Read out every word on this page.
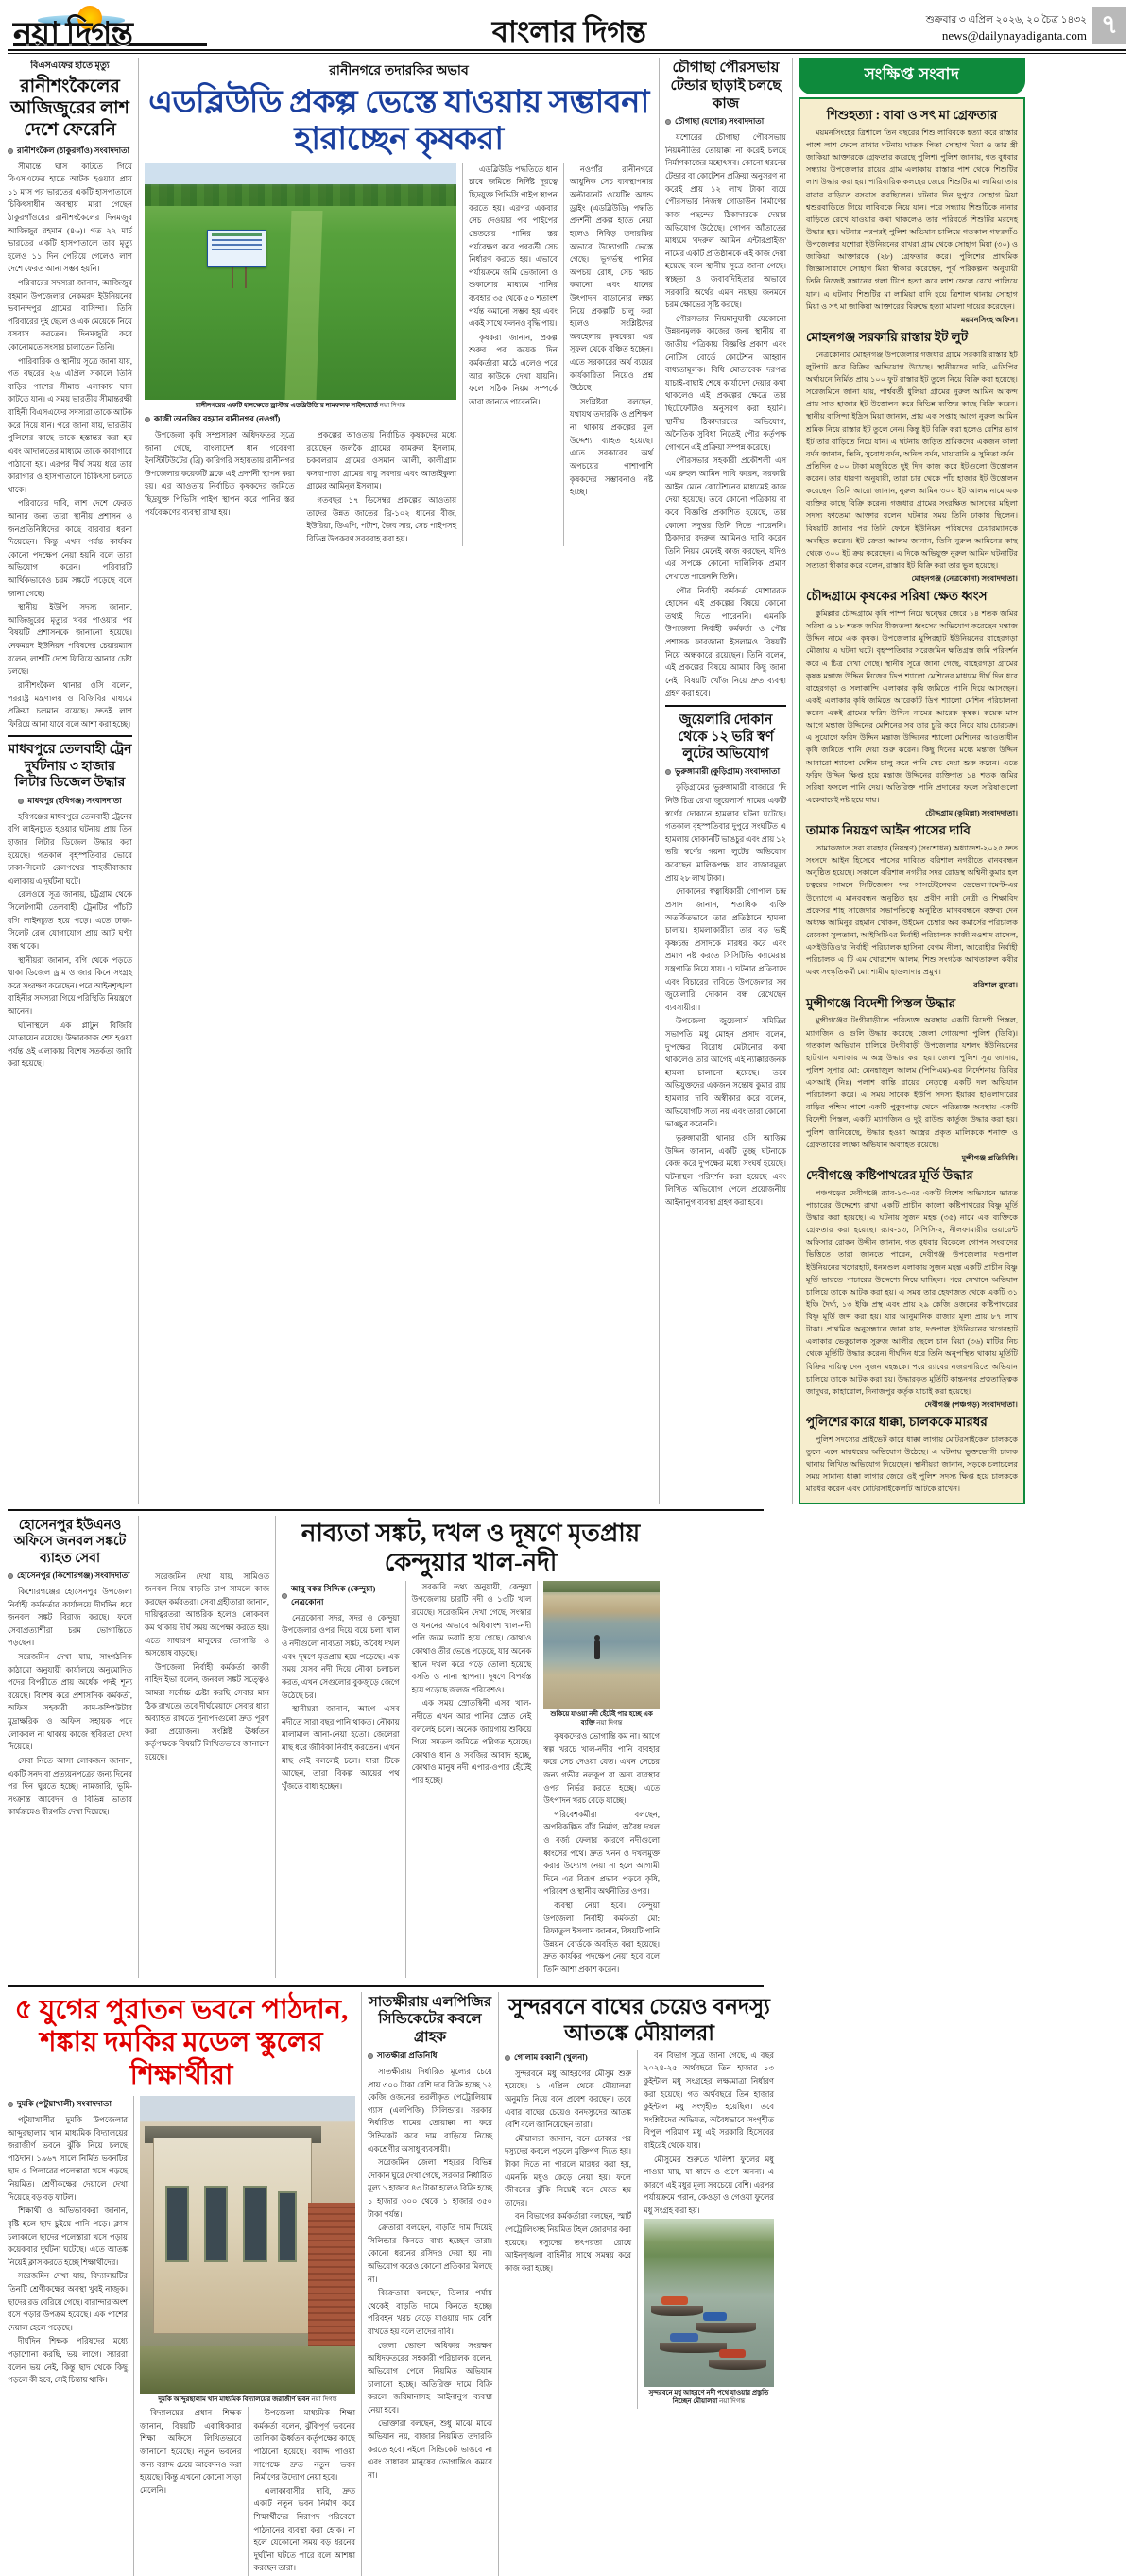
নয়া দিগন্ত	বাংলার দিগন্ত	শুক্রবার ৩ এপ্রিল ২০২৬, ২০ চৈত্র ১৪৩২
news@dailynayadiganta.com ৭
বিএসএফের হাতে মৃত্যু
রানীশংকৈলের আজিজুরের লাশ দেশে ফেরেনি
রানীশংকৈল (ঠাকুরগাঁও) সংবাদদাতা

সীমান্তে ঘাস কাটতে গিয়ে বিএসএফের হাতে আটক হওয়ার প্রায় ১১ মাস পর ভারতের একটি হাসপাতালে চিকিৎসাধীন অবস্থায় মারা গেছেন ঠাকুরগাঁওয়ের রানীশংকৈলের দিনমজুর আজিজুর রহমান (৪৬)। গত ২২ মার্চ ভারতের একটি হাসপাতালে তার মৃত্যু হলেও ১১ দিন পেরিয়ে গেলেও লাশ দেশে ফেরত আনা সম্ভব হয়নি।

পরিবারের সদস্যরা জানান, আজিজুর রহমান উপজেলার নেকমরদ ইউনিয়নের ভবানন্দপুর গ্রামের বাসিন্দা। তিনি পরিবারের দুই ছেলে ও এক মেয়েকে নিয়ে বসবাস করতেন। দিনমজুরি করে কোনোমতে সংসার চালাতেন তিনি।

পারিবারিক ও স্থানীয় সূত্রে জানা যায়, গত বছরের ২৬ এপ্রিল সকালে তিনি বাড়ির পাশের সীমান্ত এলাকায় ঘাস কাটতে যান। এ সময় ভারতীয় সীমান্তরক্ষী বাহিনী বিএসএফের সদস্যরা তাকে আটক করে নিয়ে যান। পরে জানা যায়, ভারতীয় পুলিশের কাছে তাকে হস্তান্তর করা হয় এবং আদালতের মাধ্যমে তাকে কারাগারে পাঠানো হয়। এরপর দীর্ঘ সময় ধরে তার কারাগার ও হাসপাতালে চিকিৎসা চলতে থাকে।

পরিবারের দাবি, লাশ দেশে ফেরত আনার জন্য তারা স্থানীয় প্রশাসন ও জনপ্রতিনিধিদের কাছে বারবার ধরনা দিয়েছেন। কিন্তু এখন পর্যন্ত কার্যকর কোনো পদক্ষেপ নেয়া হয়নি বলে তারা অভিযোগ করেন। পরিবারটি আর্থিকভাবেও চরম সঙ্কটে পড়েছে বলে জানা গেছে।

স্থানীয় ইউপি সদস্য জানান, আজিজুরের মৃত্যুর খবর পাওয়ার পর বিষয়টি প্রশাসনকে জানানো হয়েছে। নেকমরদ ইউনিয়ন পরিষদের চেয়ারম্যান বলেন, লাশটি দেশে ফিরিয়ে আনার চেষ্টা চলছে।

রানীশংকৈল থানার ওসি বলেন, পররাষ্ট্র মন্ত্রণালয় ও বিজিবির মাধ্যমে প্রক্রিয়া চলমান রয়েছে। দ্রুতই লাশ ফিরিয়ে আনা যাবে বলে আশা করা হচ্ছে।

মাধবপুরে তেলবাহী ট্রেন দুর্ঘটনায় ৩ হাজার লিটার ডিজেল উদ্ধার
মাধবপুর (হবিগঞ্জ) সংবাদদাতা

হবিগঞ্জের মাধবপুরে তেলবাহী ট্রেনের বগি লাইনচ্যুত হওয়ার ঘটনায় প্রায় তিন হাজার লিটার ডিজেল উদ্ধার করা হয়েছে। গতকাল বৃহস্পতিবার ভোরে ঢাকা-সিলেট রেলপথের শাহজীবাজার এলাকায় এ দুর্ঘটনা ঘটে।

রেলওয়ে সূত্র জানায়, চট্টগ্রাম থেকে সিলেটগামী তেলবাহী ট্রেনটির পাঁচটি বগি লাইনচ্যুত হয়ে পড়ে। এতে ঢাকা-সিলেট রেল যোগাযোগ প্রায় আট ঘণ্টা বন্ধ থাকে।

স্থানীয়রা জানান, বগি থেকে পড়তে থাকা ডিজেল ড্রাম ও জার কিনে সংগ্রহ করে সংরক্ষণ করেছেন। পরে আইনশৃঙ্খলা বাহিনীর সদস্যরা গিয়ে পরিস্থিতি নিয়ন্ত্রণে আনেন।

ঘটনাস্থলে এক প্লাটুন বিজিবি মোতায়েন রয়েছে। উদ্ধারকাজ শেষ হওয়া পর্যন্ত ওই এলাকায় বিশেষ সতর্কতা জারি করা হয়েছে।

রানীনগরে তদারকির অভাব
এডব্লিউডি প্রকল্প ভেস্তে যাওয়ায় সম্ভাবনা হারাচ্ছেন কৃষকরা
রানীনগরের একটি ধানক্ষেতে ড্রাস্টার এডব্লিউডি'র নামফলক সাইনবোর্ড নয়া দিগন্ত
কাজী তানজির রহমান রানীনগর (নওগাঁ)

উপজেলা কৃষি সম্প্রসারণ অধিদফতর সূত্রে জানা গেছে, বাংলাদেশ ধান গবেষণা ইনস্টিটিউটের (ব্রি) কারিগরি সহায়তায় রানীনগর উপজেলার কয়েকটি ব্লকে এই প্রদর্শনী স্থাপন করা হয়। এর আওতায় নির্বাচিত কৃষকদের জমিতে ছিদ্রযুক্ত পিভিসি পাইপ স্থাপন করে পানির স্তর পর্যবেক্ষণের ব্যবস্থা রাখা হয়।

প্রকল্পের আওতায় নির্বাচিত কৃষকদের মধ্যে রয়েছেন জলকৈ গ্রামের কামরুল ইসলাম, চকবলরাম গ্রামের ওসমান আলী, কালীগ্রাম কসবাপাড়া গ্রামের বাবু সরদার এবং আতাইকুলা গ্রামের আমিনুল ইসলাম।

গতবছর ১৭ ডিসেম্বর প্রকল্পের আওতায় তাদের উন্নত জাতের ব্রি-১০২ ধানের বীজ, ইউরিয়া, ডিএপি, পটাশ, জৈব সার, সেচ পাইপসহ বিভিন্ন উপকরণ সরবরাহ করা হয়।

এডব্লিউডি পদ্ধতিতে ধান চাষে জমিতে নির্দিষ্ট দূরত্বে ছিদ্রযুক্ত পিভিসি পাইপ স্থাপন করতে হয়। এরপর একবার সেচ দেওয়ার পর পাইপের ভেতরের পানির স্তর পর্যবেক্ষণ করে পরবর্তী সেচ নির্ধারণ করতে হয়। এভাবে পর্যায়ক্রমে জমি ভেজানো ও শুকানোর মাধ্যমে পানির ব্যবহার ৩৫ থেকে ৫০ শতাংশ পর্যন্ত কমানো সম্ভব হয় এবং একই সাথে ফলনও বৃদ্ধি পায়।

কৃষকরা জানান, প্রকল্প শুরুর পর কয়েক দিন কর্মকর্তারা মাঠে এলেও পরে আর কাউকে দেখা যায়নি। ফলে সঠিক নিয়ম সম্পর্কে তারা জানতে পারেননি।

নওগাঁর রানীনগরে আধুনিক সেচ ব্যবস্থাপনার অল্টারনেট ওয়েটিং অ্যান্ড ড্রাইং (এডব্লিউডি) পদ্ধতি প্রদর্শনী প্রকল্প হাতে নেয়া হলেও নিবিড় তদারকির অভাবে উদ্যোগটি ভেস্তে গেছে। ভূগর্ভস্থ পানির অপচয় রোধ, সেচ খরচ কমানো এবং ধানের উৎপাদন বাড়ানোর লক্ষ্য নিয়ে প্রকল্পটি চালু করা হলেও সংশ্লিষ্টদের অবহেলায় কৃষকেরা এর সুফল থেকে বঞ্চিত হচ্ছেন। এতে সরকারের অর্থ ব্যয়ের কার্যকারিতা নিয়েও প্রশ্ন উঠেছে।

সংশ্লিষ্টরা বলছেন, যথাযথ তদারকি ও প্রশিক্ষণ না থাকায় প্রকল্পের মূল উদ্দেশ্য ব্যাহত হয়েছে। এতে সরকারের অর্থ অপচয়ের পাশাপাশি কৃষকদের সম্ভাবনাও নষ্ট হচ্ছে।

চৌগাছা পৌরসভায় টেন্ডার ছাড়াই চলছে কাজ
চৌগাছা (যশোর) সংবাদদাতা

যশোরের চৌগাছা পৌরসভায় নিয়মনীতির তোয়াক্কা না করেই চলছে নির্মাণকাজের মহোৎসব। কোনো ধরনের টেন্ডার বা কোটেশন প্রক্রিয়া অনুসরণ না করেই প্রায় ১২ লাখ টাকা ব্যয়ে পৌরসভার নিজস্ব গোডাউন নির্মাণের কাজ পছন্দের ঠিকাদারকে দেয়ার অভিযোগ উঠেছে। গোপন আঁতাতের মাধ্যমে 'বদরুল আমিন এন্টারপ্রাইজ' নামের একটি প্রতিষ্ঠানকে এই কাজ দেয়া হয়েছে বলে স্থানীয় সূত্রে জানা গেছে। স্বচ্ছতা ও জবাবদিহিতার অভাবে সরকারি অর্থের এমন নয়ছয় জনমনে চরম ক্ষোভের সৃষ্টি করছে।

পৌরসভার নিয়মানুযায়ী যেকোনো উন্নয়নমূলক কাজের জন্য স্থানীয় বা জাতীয় পত্রিকায় বিজ্ঞপ্তি প্রকাশ এবং নোটিস বোর্ডে কোটেশন আহ্বান বাধ্যতামূলক। বিধি মোতাবেক দরপত্র যাচাই-বাছাই শেষে কার্যাদেশ দেয়ার কথা থাকলেও এই প্রকল্পের ক্ষেত্রে তার ছিটেফোঁটাও অনুসরণ করা হয়নি। স্থানীয় ঠিকাদারদের অভিযোগ, অনৈতিক সুবিধা নিতেই পৌর কর্তৃপক্ষ গোপনে এই প্রক্রিয়া সম্পন্ন করেছে।

পৌরসভার সহকারী প্রকৌশলী এস এম রুহুল আমিন দাবি করেন, সরকারি আইন মেনে কোটেশনের মাধ্যমেই কাজ দেয়া হয়েছে। তবে কোনো পত্রিকায় বা কবে বিজ্ঞপ্তি প্রকাশিত হয়েছে, তার কোনো সদুত্তর তিনি দিতে পারেননি। ঠিকাদার বদরুল আমিনও দাবি করেন তিনি নিয়ম মেনেই কাজ করছেন, যদিও এর সপক্ষে কোনো দালিলিক প্রমাণ দেখাতে পারেননি তিনি।

পৌর নির্বাহী কর্মকর্তা মোশাররফ হোসেন এই প্রকল্পের বিষয়ে কোনো তথ্যই দিতে পারেননি। এমনকি উপজেলা নির্বাহী কর্মকর্তা ও পৌর প্রশাসক ফারজানা ইসলামও বিষয়টি নিয়ে অন্ধকারে রয়েছেন। তিনি বলেন, এই প্রকল্পের বিষয়ে আমার কিছু জানা নেই। বিষয়টি খোঁজ নিয়ে দ্রুত ব্যবস্থা গ্রহণ করা হবে।

জুয়েলারি দোকান থেকে ১২ ভরি স্বর্ণ লুটের অভিযোগ
ভুরুঙ্গামারী (কুড়িগ্রাম) সংবাদদাতা

কুড়িগ্রামের ভুরুঙ্গামারী বাজারে 'দি নিউ চিত্র রেখা জুয়েলার্স' নামের একটি স্বর্ণের দোকানে হামলার ঘটনা ঘটেছে। গতকাল বৃহস্পতিবার দুপুরে সংঘটিত এ হামলায় দোকানটি ভাঙচুর এবং প্রায় ১২ ভরি স্বর্ণের গয়না লুটের অভিযোগ করেছেন মালিকপক্ষ; যার বাজারমূল্য প্রায় ২৮ লাখ টাকা।

দোকানের স্বত্বাধিকারী গোপাল চন্দ্র প্রসাদ জানান, শতাধিক ব্যক্তি অতর্কিতভাবে তার প্রতিষ্ঠানে হামলা চালায়। হামলাকারীরা তার বড় ভাই কৃষ্ণচন্দ্র প্রসাদকে মারধর করে এবং প্রমাণ নষ্ট করতে সিসিটিভি ক্যামেরার যন্ত্রপাতি নিয়ে যায়। এ ঘটনার প্রতিবাদে এবং বিচারের দাবিতে উপজেলার সব জুয়েলারি দোকান বন্ধ রেখেছেন ব্যবসায়ীরা।

উপজেলা জুয়েলার্স সমিতির সভাপতি মধু মোহন প্রসাদ বলেন, দু'পক্ষের বিরোধ মেটানোর কথা থাকলেও তার আগেই এই ন্যাক্কারজনক হামলা চালানো হয়েছে। তবে অভিযুক্তদের একজন সন্তোষ কুমার রায় হামলার দাবি অস্বীকার করে বলেন, অভিযোগটি সত্য নয় এবং তারা কোনো ভাঙচুর করেননি।

ভুরুঙ্গামারী থানার ওসি আজিম উদ্দিন জানান, একটি তুচ্ছ ঘটনাকে কেন্দ্র করে দু'পক্ষের মধ্যে সংঘর্ষ হয়েছে। ঘটনাস্থল পরিদর্শন করা হয়েছে এবং লিখিত অভিযোগ পেলে প্রয়োজনীয় আইনানুগ ব্যবস্থা গ্রহণ করা হবে।

সংক্ষিপ্ত সংবাদ
শিশুহত্যা : বাবা ও সৎ মা গ্রেফতার

ময়মনসিংহের ত্রিশালে তিন বছরের শিশু লাবিবকে হত্যা করে রাস্তার পাশে লাশ ফেলে রাখার ঘটনায় ঘাতক পিতা সোহাগ মিয়া ও তার স্ত্রী জাকিয়া আক্তারকে গ্রেফতার করেছে পুলিশ। পুলিশ জানায়, গত বুধবার সন্ধ্যায় উপজেলার রায়ের গ্রাম এলাকায় রাস্তার পাশ থেকে শিশুটির লাশ উদ্ধার করা হয়। পারিবারিক কলহের জেরে শিশুটির মা লামিয়া তার বাবার বাড়িতে বসবাস করছিলেন। ঘটনার দিন দুপুরে সোহাগ মিয়া শ্বশুরবাড়িতে গিয়ে লাবিবকে নিয়ে যান। পরে সন্ধ্যায় শিশুটিকে নানার বাড়িতে রেখে যাওয়ার কথা থাকলেও তার পরিবর্তে শিশুটির মরদেহ উদ্ধার হয়। ঘটনার পরপরই পুলিশ অভিযান চালিয়ে গতকাল গফরগাঁও উপজেলার যশোরা ইউনিয়নের বাখরা গ্রাম থেকে সোহাগ মিয়া (৩০) ও জাকিয়া আক্তারকে (২৮) গ্রেফতার করে। পুলিশের প্রাথমিক জিজ্ঞাসাবাদে সোহাগ মিয়া স্বীকার করেছেন, পূর্ব পরিকল্পনা অনুযায়ী তিনি নিজেই সন্তানের গলা টিপে হত্যা করে লাশ ফেলে রেখে পালিয়ে যান। এ ঘটনায় শিশুটির মা লামিয়া বাদি হয়ে ত্রিশাল থানায় সোহাগ মিয়া ও সৎ মা জাকিয়া আক্তারের বিরুদ্ধে হত্যা মামলা দায়ের করেছেন।

ময়মনসিংহ অফিস।

মোহনগঞ্জ সরকারি রাস্তার ইট লুট

নেত্রকোনার মোহনগঞ্জ উপজেলার গজধার গ্রামে সরকারি রাস্তার ইট লুটপাট করে বিক্রির অভিযোগ উঠেছে। স্থানীয়দের দাবি, এডিপির অর্থায়নে নির্মিত প্রায় ১০০ ফুট রাস্তার ইট তুলে নিয়ে বিক্রি করা হয়েছে। সরেজমিনে জানা যায়, পার্শ্ববর্তী ধুলিয়া গ্রামের নুরুল আমিন আকন্দ প্রায় সাত হাজার ইট উত্তোলন করে বিভিন্ন ব্যক্তির কাছে বিক্রি করেন। স্থানীয় বাসিন্দা ইদ্রিস মিয়া জানান, প্রায় এক সপ্তাহ আগে নুরুল আমিন শ্রমিক নিয়ে রাস্তার ইট তুলে নেন। কিন্তু ইট বিক্রি করা হলেও বেশির ভাগ ইট তার বাড়িতে নিয়ে যান। এ ঘটনায় জড়িত শ্রমিকদের একজন কালা বর্মন জানান, তিনি, সুবোধ বর্মন, অনিল বর্মন, মায়ারানি ও সুনিতা বর্মন– প্রতিদিন ৫০০ টাকা মজুরিতে দুই দিন কাজ করে ইটগুলো উত্তোলন করেন। তার ধারণা অনুযায়ী, তারা চার থেকে পাঁচ হাজার ইট উত্তোলন করেছেন। তিনি আরো জানান, নুরুল আমিন ৩০০ ইট আলম নামে এক ব্যক্তির কাছে বিক্রি করেন। গজধার গ্রামের সংরক্ষিত আসনের মহিলা সদস্য ফাতেমা আক্তার বলেন, ঘটনার সময় তিনি ঢাকায় ছিলেন। বিষয়টি জানার পর তিনি ফোনে ইউনিয়ন পরিষদের চেয়ারম্যানকে অবহিত করেন। ইট ক্রেতা আলম জানান, তিনি নুরুল আমিনের কাছ থেকে ৩০০ ইট ক্রয় করেছেন। এ দিকে অভিযুক্ত নুরুল আমিন ঘটনাটির সত্যতা স্বীকার করে বলেন, রাস্তার ইট বিক্রি করা তার ভুল হয়েছে।

মোহনগঞ্জ (নেত্রকোনা) সংবাদদাতা।

চৌদ্দগ্রামে কৃষকের সরিষা ক্ষেত ধ্বংস

কুমিল্লার চৌদ্দগ্রামে কৃষি পাম্প নিয়ে দ্বন্দ্বের জেরে ১৪ শতক জমির সরিষা ও ১৮ শতক জমির বীজতলা ধ্বংসের অভিযোগ করেছেন মন্তাজ উদ্দিন নামে এক কৃষক। উপজেলার মুন্সিরহাট ইউনিয়নের বাহেরগড়া মৌজায় এ ঘটনা ঘটে। বৃহস্পতিবার সরেজমিন ক্ষতিগ্রস্ত জমি পরিদর্শন করে এ চিত্র দেখা গেছে। স্থানীয় সূত্রে জানা গেছে, বাহেরগড়া গ্রামের কৃষক মন্তাজ উদ্দিন নিজের ডিপ শ্যালো মেশিনের মাধ্যমে দীর্ঘ দিন ধরে বাহেরগড়া ও সলাকান্দি এলাকার কৃষি জমিতে পানি দিয়ে আসছেন। একই এলাকার কৃষি জমিতে আরেকটি ডিপ শ্যালো মেশিন পরিচালনা করেন একই গ্রামের ফরিদ উদ্দিন নামের আরেক কৃষক। কয়েক মাস আগে মন্তাজ উদ্দিনের মেশিনের সব তার চুরি করে নিয়ে যায় চোরচক্র। এ সুযোগে ফরিদ উদ্দিন মন্তাজ উদ্দিনের শ্যালো মেশিনের আওতাধীন কৃষি জমিতে পানি দেয়া শুরু করেন। কিছু দিনের মধ্যে মন্তাজ উদ্দিন আবারো শ্যালো মেশিন চালু করে পানি সেচ দেয়া শুরু করেন। এতে ফরিদ উদ্দিন ক্ষিপ্ত হয়ে মন্তাজ উদ্দিনের ব্যক্তিগত ১৪ শতক জমির সরিষা ফসলে পানি দেয়। অতিরিক্ত পানি প্রদানের ফলে সরিষাগুলো একেবারেই নষ্ট হয়ে যায়।

চৌদ্দগ্রাম (কুমিল্লা) সংবাদদাতা।

তামাক নিয়ন্ত্রণ আইন পাসের দাবি

তামাকজাত দ্রব্য ব্যবহার (নিয়ন্ত্রণ) (সংশোধন) অধ্যাদেশ-২০২৫ দ্রুত সংসদে আইন হিসেবে পাসের দাবিতে বরিশাল নগরীতে মানববন্ধন অনুষ্ঠিত হয়েছে। সকালে বরিশাল নগরীর সদর রোডস্থ অশ্বিনী কুমার হল চত্বরের সামনে সিটিজেনস ফর সাসটেইনেবল ডেভেলপমেন্ট-এর উদ্যোগে এ মানববন্ধন অনুষ্ঠিত হয়। প্রবীণ নারী নেত্রী ও শিক্ষাবিদ প্রফেসর শাহ সাজেদার সভাপতিত্বে অনুষ্ঠিত মানববন্ধনে বক্তব্য দেন অধ্যক্ষ আমিনুর রহমান খোকন, উইমেন চেম্বার অব কমার্সের পরিচালক রেবেকা সুলতানা, আইসিটিএর নির্বাহী পরিচালক কাজী নওশাদ রাসেল, এসইউডিও'র নির্বাহী পরিচালক হাসিনা বেগম নীলা, আরোহীর নির্বাহী পরিচালক এ টি এম খোরশেদ আলম, শিশু সংগঠক আখতারুল কবীর এবং সংস্কৃতিকর্মী মো: শামীম হাওলাদার প্রমুখ।

বরিশাল ব্যুরো।

মুন্সীগঞ্জে বিদেশী পিস্তল উদ্ধার

মুন্সীগঞ্জের টংগীবাড়ীতে পরিত্যক্ত অবস্থায় একটি বিদেশী পিস্তল, ম্যাগজিন ও গুলি উদ্ধার করেছে জেলা গোয়েন্দা পুলিশ (ডিবি)। গতকাল অভিযান চালিয়ে টংগীবাড়ী উপজেলার যশলং ইউনিয়নের হাটখান এলাকায় এ অস্ত্র উদ্ধার করা হয়। জেলা পুলিশ সূত্র জানায়, পুলিশ সুপার মো: মেনহাজুল আলম (পিপিএম)-এর নির্দেশনায় ডিবির এসআই (নিঃ) পলাশ কান্তি রায়ের নেতৃত্বে একটি দল অভিযান পরিচালনা করে। এ সময় সাবেক ইউপি সদস্য ইয়ারব হাওলাদারের বাড়ির পশ্চিম পাশে একটি পুকুরপাড় থেকে পরিত্যক্ত অবস্থায় একটি বিদেশী পিস্তল, একটি ম্যাগজিন ও দুই রাউন্ড কার্তুজ উদ্ধার করা হয়। পুলিশ জানিয়েছে, উদ্ধার হওয়া অস্ত্রের প্রকৃত মালিককে শনাক্ত ও গ্রেফতারের লক্ষ্যে অভিযান অব্যাহত রয়েছে।

মুন্সীগঞ্জ প্রতিনিধি।

দেবীগঞ্জে কষ্টিপাথরের মূর্তি উদ্ধার

পঞ্চগড়ের দেবীগঞ্জে র‌্যাব-১৩-এর একটি বিশেষ অভিযানে ভারত পাচারের উদ্দেশ্যে রাখা একটি প্রাচীন কালো কষ্টিপাথরের বিষ্ণু মূর্তি উদ্ধার করা হয়েছে। এ ঘটনায় সুজন মহন্ত (৩৫) নামে এক ব্যক্তিকে গ্রেফতার করা হয়েছে। র‌্যাব-১৩, সিপিসি-২, নীলফামারীর ওয়ারেন্ট অফিসার রোকন উদ্দীন জানান, গত বুধবার বিকেলে গোপন সংবাদের ভিত্তিতে তারা জানতে পারেন, দেবীগঞ্জ উপজেলার দণ্ডপাল ইউনিয়নের খগেরহাট, ধনমণ্ডল এলাকায় সুজন মহন্ত একটি প্রাচীন বিষ্ণু মূর্তি ভারতে পাচারের উদ্দেশ্যে নিয়ে যাচ্ছিল। পরে সেখানে অভিযান চালিয়ে তাকে আটক করা হয়। এ সময় তার হেফাজত থেকে একটি ৩১ ইঞ্চি দৈর্ঘ্য, ১৩ ইঞ্চি প্রস্থ এবং প্রায় ২৯ কেজি ওজনের কষ্টিপাথরের বিষ্ণু মূর্তি জব্দ করা হয়। যার আনুমানিক বাজার মূল্য প্রায় ৮৭ লাখ টাকা। প্রাথমিক অনুসন্ধানে জানা যায়, দণ্ডপাল ইউনিয়নের খগেরহাট এলাকার ভেকুচালক সুরুজ আলীর ছেলে চান মিয়া (৩৬) মাটির নিচ থেকে মূর্তিটি উদ্ধার করেন। দীর্ঘদিন ধরে তিনি অনুপস্থিত থাকায় মূর্তিটি বিক্রির দায়িত্ব দেন সুজন মহন্তকে। পরে র‌্যাবের নজরদারিতে অভিযান চালিয়ে তাকে আটক করা হয়। উদ্ধারকৃত মূর্তিটি কান্তনগর প্রত্নতাত্ত্বিক জাদুঘর, কাহারোল, দিনাজপুর কর্তৃক যাচাই করা হয়েছে।

দেবীগঞ্জ (পঞ্চগড়) সংবাদদাতা।

পুলিশের কারে ধাক্কা, চালককে মারধর

পুলিশ সদস্যের প্রাইভেট কারে ধাক্কা লাগায় মোটরসাইকেল চালককে তুলে এনে মারধরের অভিযোগ উঠেছে। এ ঘটনায় ভুক্তভোগী চালক থানায় লিখিত অভিযোগ দিয়েছেন। স্থানীয়রা জানান, সড়কে চলাচলের সময় সামান্য ধাক্কা লাগার জেরে ওই পুলিশ সদস্য ক্ষিপ্ত হয়ে চালককে মারধর করেন এবং মোটরসাইকেলটি আটকে রাখেন।

হোসেনপুর ইউএনও অফিসে জনবল সঙ্কটে ব্যাহত সেবা
হোসেনপুর (কিশোরগঞ্জ) সংবাদদাতা

কিশোরগঞ্জের হোসেনপুর উপজেলা নির্বাহী কর্মকর্তার কার্যালয়ে দীর্ঘদিন ধরে জনবল সঙ্কট বিরাজ করছে। ফলে সেবাপ্রত্যাশীরা চরম ভোগান্তিতে পড়ছেন।

সরেজমিন দেখা যায়, সাংগঠনিক কাঠামো অনুযায়ী কার্যালয়ে অনুমোদিত পদের বিপরীতে প্রায় অর্ধেক পদই শূন্য রয়েছে। বিশেষ করে প্রশাসনিক কর্মকর্তা, অফিস সহকারী কাম-কম্পিউটার মুদ্রাক্ষরিক ও অফিস সহায়ক পদে লোকবল না থাকায় কাজে স্থবিরতা দেখা দিয়েছে।

সেবা নিতে আসা লোকজন জানান, একটি সনদ বা প্রত্যয়নপত্রের জন্য দিনের পর দিন ঘুরতে হচ্ছে। নামজারি, ভূমি-সংক্রান্ত আবেদন ও বিভিন্ন ভাতার কার্যক্রমেও ধীরগতি দেখা দিয়েছে।

সরেজমিন দেখা যায়, সামিওত জনবল নিয়ে বাড়তি চাপ সামলে কাজ করছেন কর্মরতরা। সেবা গ্রহীতারা জানান, দায়িত্বরতরা আন্তরিক হলেও লোকবল কম থাকায় দীর্ঘ সময় অপেক্ষা করতে হয়। এতে সাধারণ মানুষের ভোগান্তি ও অসন্তোষ বাড়ছে।

উপজেলা নির্বাহী কর্মকর্তা কাজী নাহিদ ইভা বলেন, জনবল সঙ্কট সত্ত্বেও আমরা সর্বোচ্চ চেষ্টা করছি সেবার মান ঠিক রাখতে। তবে দীর্ঘমেয়াদে সেবার ধারা অব্যাহত রাখতে শূন্যপদগুলো দ্রুত পূরণ করা প্রয়োজন। সংশ্লিষ্ট ঊর্ধ্বতন কর্তৃপক্ষকে বিষয়টি লিখিতভাবে জানানো হয়েছে।

নাব্যতা সঙ্কট, দখল ও দূষণে মৃতপ্রায় কেন্দুয়ার খাল-নদী
আবু বকর সিদ্দিক (কেন্দুয়া) নেত্রকোনা

নেত্রকোনা সদর, সদর ও কেন্দুয়া উপজেলার ওপর দিয়ে বয়ে চলা খাল ও নদীগুলো নাব্যতা সঙ্কট, অবৈধ দখল এবং দূষণে মৃতপ্রায় হয়ে পড়েছে। এক সময় যেসব নদী দিয়ে নৌকা চলাচল করত, এখন সেগুলোর বুকজুড়ে জেগে উঠেছে চর।

স্থানীয়রা জানান, আগে এসব নদীতে সারা বছর পানি থাকত। নৌকায় মালামাল আনা-নেয়া হতো। জেলেরা মাছ ধরে জীবিকা নির্বাহ করতেন। এখন মাছ নেই বললেই চলে। যারা টিকে আছেন, তারা বিকল্প আয়ের পথ খুঁজতে বাধ্য হচ্ছেন।

সরকারি তথ্য অনুযায়ী, কেন্দুয়া উপজেলায় চারটি নদী ও ১৩টি খাল রয়েছে। সরেজমিন দেখা গেছে, সংস্কার ও খননের অভাবে অধিকাংশ খাল-নদী পলি জমে ভরাট হয়ে গেছে। কোথাও কোথাও তীর ভেঙে পড়েছে, যার অনেক স্থানে দখল করে গড়ে তোলা হয়েছে বসতি ও নানা স্থাপনা। দূষণে বিপর্যস্ত হয়ে পড়েছে জলজ পরিবেশও।

এক সময় স্রোতস্বিনী এসব খাল-নদীতে এখন আর পানির স্রোত নেই বললেই চলে। অনেক জায়গায় শুকিয়ে গিয়ে সমতল জমিতে পরিণত হয়েছে। কোথাও ধান ও সবজির আবাদ হচ্ছে, কোথাও মানুষ নদী এপার-ওপার হেঁটেই পার হচ্ছে।

শুকিয়ে যাওয়া নদী হেঁটেই পার হচ্ছে এক ব্যক্তি নয়া দিগন্ত

কৃষকদেরও ভোগান্তি কম না। আগে স্বল্প খরচে খাল-নদীর পানি ব্যবহার করে সেচ দেওয়া যেত। এখন সেচের জন্য গভীর নলকূপ বা অন্য ব্যবস্থার ওপর নির্ভর করতে হচ্ছে। এতে উৎপাদন খরচ বেড়ে যাচ্ছে।

পরিবেশকর্মীরা বলছেন, অপরিকল্পিত বাঁধ নির্মাণ, অবৈধ দখল ও বর্জ্য ফেলার কারণে নদীগুলো ধ্বংসের পথে। দ্রুত খনন ও দখলমুক্ত করার উদ্যোগ নেয়া না হলে আগামী দিনে এর বিরূপ প্রভাব পড়বে কৃষি, পরিবেশ ও স্থানীয় অর্থনীতির ওপর।

ব্যবস্থা নেয়া হবে। কেন্দুয়া উপজেলা নির্বাহী কর্মকর্তা মো: রিফাতুল ইসলাম জানান, বিষয়টি পানি উন্নয়ন বোর্ডকে অবহিত করা হয়েছে। দ্রুত কার্যকর পদক্ষেপ নেয়া হবে বলে তিনি আশা প্রকাশ করেন।

৫ যুগের পুরাতন ভবনে পাঠদান, শঙ্কায় দমকির মডেল স্কুলের শিক্ষার্থীরা
দুমকি (পটুয়াখালী) সংবাদদাতা

পটুয়াখালীর দুমকি উপজেলার আব্দুরছালাম খান মাধ্যমিক বিদ্যালয়ের জরাজীর্ণ ভবনে ঝুঁকি নিয়ে চলছে পাঠদান। ১৯৬৭ সালে নির্মিত ভবনটির ছাদ ও পিলারের পলেস্তারা খসে পড়ছে নিয়মিত। শ্রেণীকক্ষের দেয়ালে দেখা দিয়েছে বড় বড় ফাটল।

শিক্ষার্থী ও অভিভাবকরা জানান, বৃষ্টি হলে ছাদ চুইয়ে পানি পড়ে। ক্লাস চলাকালে ছাদের পলেস্তারা খসে পড়ায় কয়েকবার দুর্ঘটনা ঘটেছে। এতে আতঙ্ক নিয়েই ক্লাস করতে হচ্ছে শিক্ষার্থীদের।

সরেজমিন দেখা যায়, বিদ্যালয়টির তিনটি শ্রেণীকক্ষের অবস্থা খুবই নাজুক। ছাদের রড বেরিয়ে গেছে। বারান্দার অংশ ধসে পড়ার উপক্রম হয়েছে। এক পাশের দেয়াল হেলে পড়েছে।

দীর্ঘদিন শিক্ষক পরিষদের মধ্যে পড়াশোনা করছি, ভয় লাগে। স্যাররা বলেন ভয় নেই, কিন্তু ছাদ থেকে কিছু পড়লে কী হবে, সেই চিন্তায় থাকি।

দুমকি আব্দুরছালাম খান মাধ্যমিক বিদ্যালয়ের জরাজীর্ণ ভবন নয়া দিগন্ত

বিদ্যালয়ের প্রধান শিক্ষক জানান, বিষয়টি একাধিকবার শিক্ষা অফিসে লিখিতভাবে জানানো হয়েছে। নতুন ভবনের জন্য বরাদ্দ চেয়ে আবেদনও করা হয়েছে। কিন্তু এখনো কোনো সাড়া মেলেনি।

উপজেলা মাধ্যমিক শিক্ষা কর্মকর্তা বলেন, ঝুঁকিপূর্ণ ভবনের তালিকা ঊর্ধ্বতন কর্তৃপক্ষের কাছে পাঠানো হয়েছে। বরাদ্দ পাওয়া সাপেক্ষে দ্রুত নতুন ভবন নির্মাণের উদ্যোগ নেয়া হবে।

এলাকাবাসীর দাবি, দ্রুত একটি নতুন ভবন নির্মাণ করে শিক্ষার্থীদের নিরাপদ পরিবেশে পাঠদানের ব্যবস্থা করা হোক। না হলে যেকোনো সময় বড় ধরনের দুর্ঘটনা ঘটতে পারে বলে আশঙ্কা করছেন তারা।

সাতক্ষীরায় এলপিজির সিন্ডিকেটের কবলে গ্রাহক
সাতক্ষীরা প্রতিনিধি

সাতক্ষীরায় নির্ধারিত মূল্যের চেয়ে প্রায় ৩০০ টাকা বেশি দরে বিক্রি হচ্ছে ১২ কেজি ওজনের তরলীকৃত পেট্রোলিয়াম গ্যাস (এলপিজি) সিলিন্ডার। সরকার নির্ধারিত দামের তোয়াক্কা না করে সিন্ডিকেট করে দাম বাড়িয়ে নিচ্ছে একশ্রেণীর অসাধু ব্যবসায়ী।

সরেজমিন জেলা শহরের বিভিন্ন দোকান ঘুরে দেখা গেছে, সরকার নির্ধারিত মূল্য ১ হাজার ৪৩ টাকা হলেও বিক্রি হচ্ছে ১ হাজার ৩০০ থেকে ১ হাজার ৩৫০ টাকা পর্যন্ত।

ক্রেতারা বলছেন, বাড়তি দাম দিয়েই সিলিন্ডার কিনতে বাধ্য হচ্ছেন তারা। কোনো ধরনের রসিদও দেয়া হয় না। অভিযোগ করেও কোনো প্রতিকার মিলছে না।

বিক্রেতারা বলছেন, ডিলার পর্যায় থেকেই বাড়তি দামে কিনতে হচ্ছে। পরিবহন খরচ বেড়ে যাওয়ায় দাম বেশি রাখতে হয় বলে তাদের দাবি।

জেলা ভোক্তা অধিকার সংরক্ষণ অধিদফতরের সহকারী পরিচালক বলেন, অভিযোগ পেলে নিয়মিত অভিযান চালানো হচ্ছে। অতিরিক্ত দামে বিক্রি করলে জরিমানাসহ আইনানুগ ব্যবস্থা নেয়া হবে।

ভোক্তারা বলছেন, শুধু মাঝে মাঝে অভিযান নয়, বাজার নিয়মিত তদারকি করতে হবে। নইলে সিন্ডিকেট ভাঙবে না এবং সাধারণ মানুষের ভোগান্তিও কমবে না।

সুন্দরবনে বাঘের চেয়েও বনদস্যু আতঙ্কে মৌয়ালরা
গোলাম রব্বানী (খুলনা)

সুন্দরবনে মধু আহরণের মৌসুম শুরু হয়েছে। ১ এপ্রিল থেকে মৌয়ালরা অনুমতি নিয়ে বনে প্রবেশ করছেন। তবে এবার বাঘের চেয়েও বনদস্যুদের আতঙ্ক বেশি বলে জানিয়েছেন তারা।

মৌয়ালরা জানান, বনে ঢোকার পর দস্যুদের কবলে পড়লে মুক্তিপণ দিতে হয়। টাকা দিতে না পারলে মারধর করা হয়, এমনকি মধুও কেড়ে নেয়া হয়। ফলে জীবনের ঝুঁকি নিয়েই বনে যেতে হয় তাদের।

বন বিভাগের কর্মকর্তারা বলছেন, স্মার্ট পেট্রোলিংসহ নিয়মিত টহল জোরদার করা হয়েছে। দস্যুদের তৎপরতা রোধে আইনশৃঙ্খলা বাহিনীর সাথে সমন্বয় করে কাজ করা হচ্ছে।

বন বিভাগ সূত্রে জানা গেছে, এ বছর ২০২৪-২৫ অর্থবছরে তিন হাজার ১৩ কুইন্টাল মধু সংগ্রহের লক্ষ্যমাত্রা নির্ধারণ করা হয়েছে। গত অর্থবছরে তিন হাজার কুইন্টাল মধু সংগৃহীত হয়েছিল। তবে সংশ্লিষ্টদের অভিমত, অবৈধভাবে সংগৃহীত বিপুল পরিমাণ মধু এই সরকারি হিসেবের বাইরেই থেকে যায়।

মৌসুমের শুরুতে খলিশা ফুলের মধু পাওয়া যায়, যা স্বাদে ও গুণে অনন্য। এ কারণে এই মধুর মূল্য সবচেয়ে বেশি। এরপর পর্যায়ক্রমে গরান, কেওড়া ও গেওয়া ফুলের মধু সংগ্রহ করা হয়।

সুন্দরবনে মধু আহরণে নদী পথে যাওয়ার প্রস্তুতি নিচ্ছেন মৌয়ালরা নয়া দিগন্ত
